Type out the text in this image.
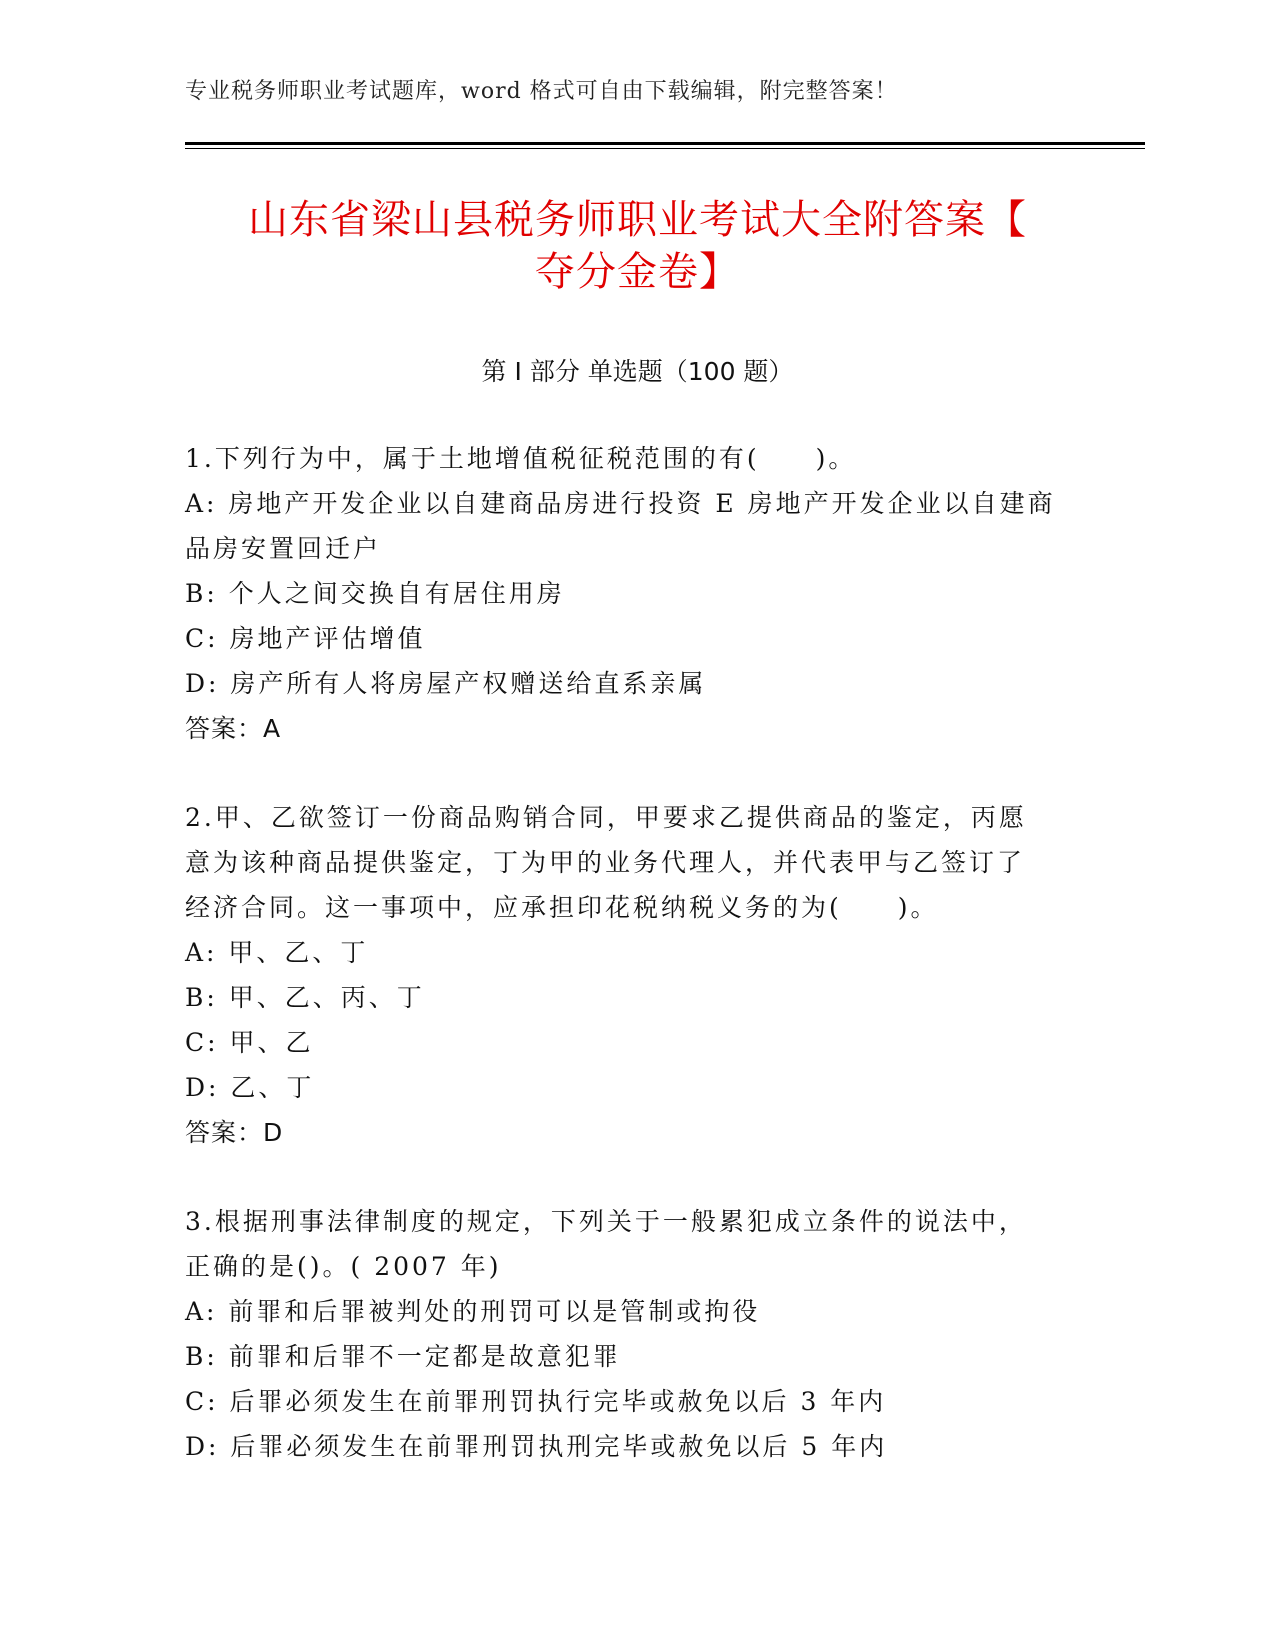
专业税务师职业考试题库，word 格式可自由下载编辑，附完整答案！
山东省梁山县税务师职业考试大全附答案【
夺分金卷】
第 I 部分 单选题（100 题）
1.下列行为中，属于土地增值税征税范围的有(　　)。
A: 房地产开发企业以自建商品房进行投资 E 房地产开发企业以自建商
品房安置回迁户
B: 个人之间交换自有居住用房
C: 房地产评估增值
D: 房产所有人将房屋产权赠送给直系亲属
答案：A
2.甲、乙欲签订一份商品购销合同，甲要求乙提供商品的鉴定，丙愿
意为该种商品提供鉴定，丁为甲的业务代理人，并代表甲与乙签订了
经济合同。这一事项中，应承担印花税纳税义务的为(　　)。
A: 甲、乙、丁
B: 甲、乙、丙、丁
C: 甲、乙
D: 乙、丁
答案：D
3.根据刑事法律制度的规定，下列关于一般累犯成立条件的说法中，
正确的是()。( 2007 年)
A: 前罪和后罪被判处的刑罚可以是管制或拘役
B: 前罪和后罪不一定都是故意犯罪
C: 后罪必须发生在前罪刑罚执行完毕或赦免以后 3 年内
D: 后罪必须发生在前罪刑罚执刑完毕或赦免以后 5 年内
